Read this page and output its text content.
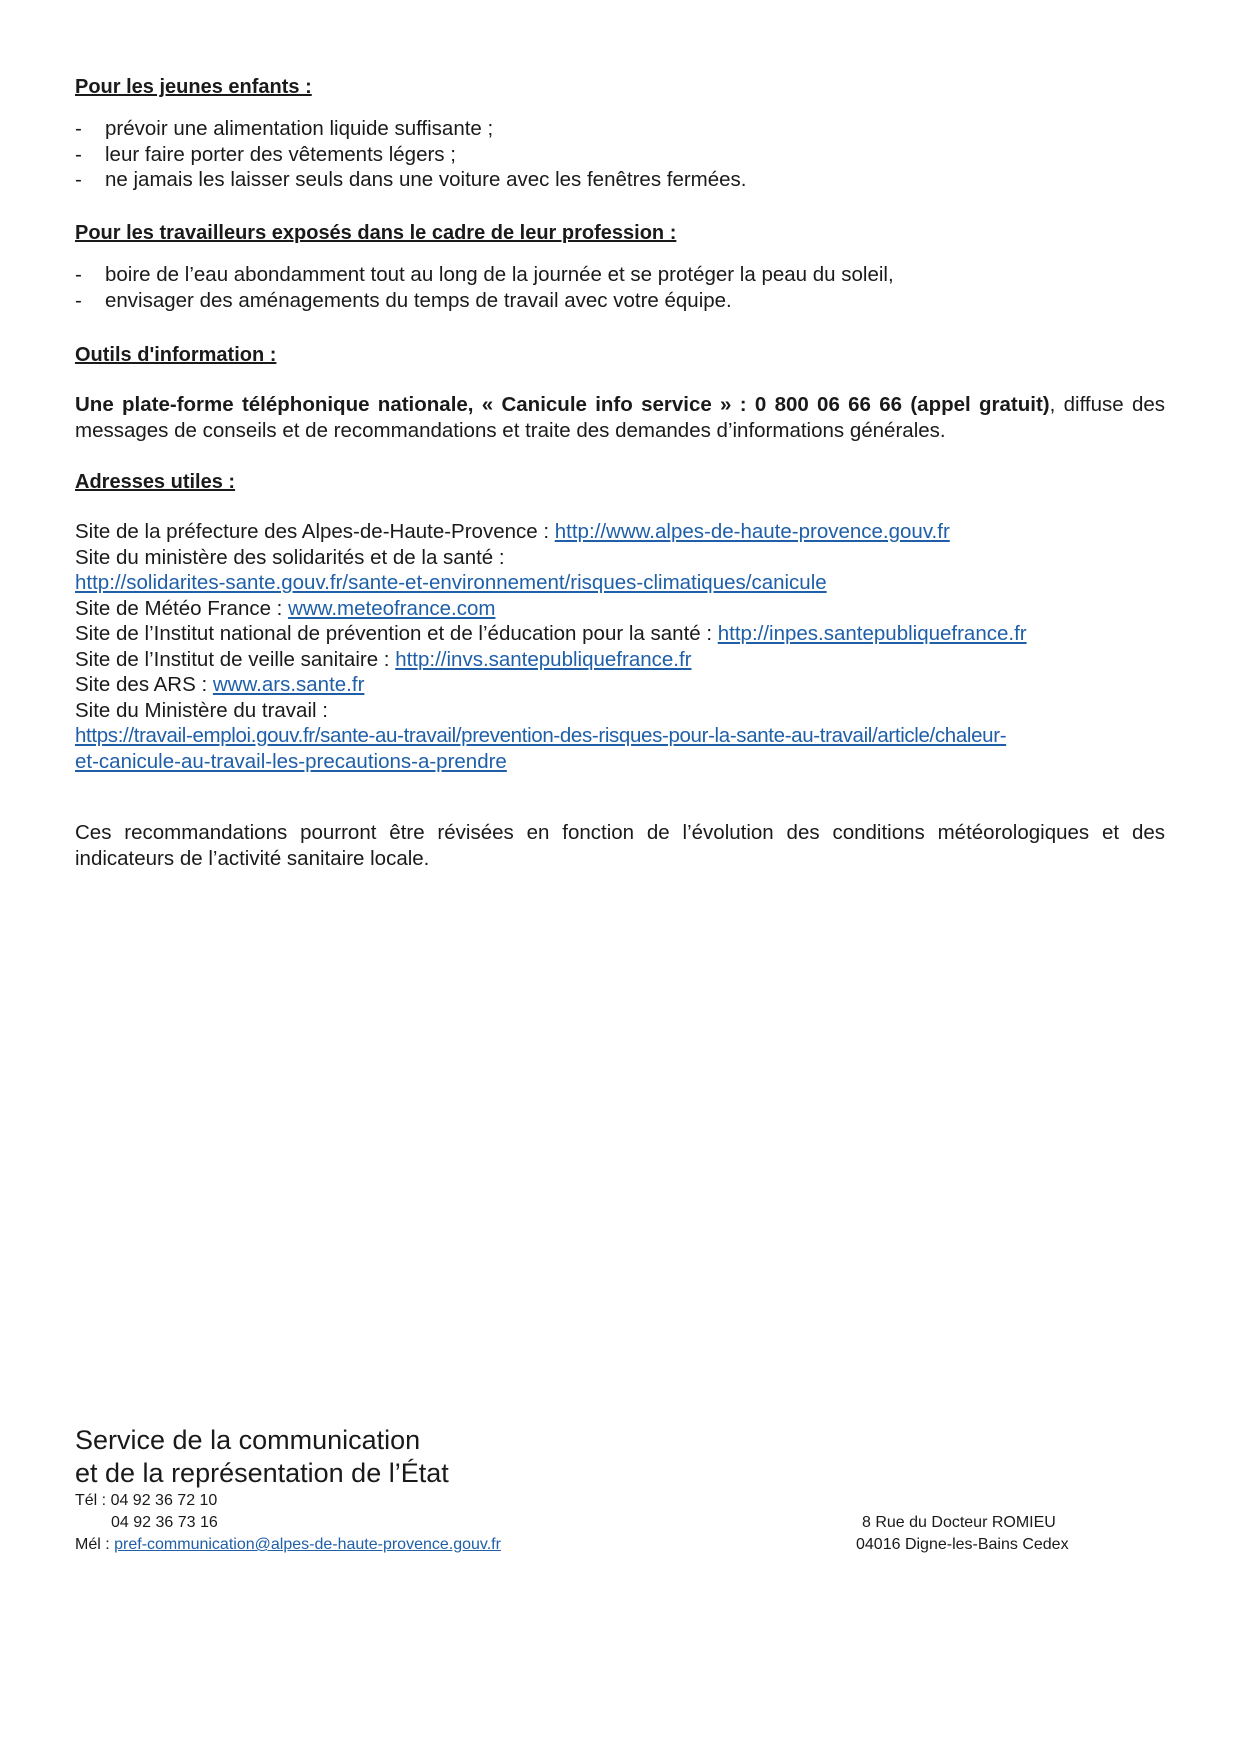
Pour les jeunes enfants :

- prévoir une alimentation liquide suffisante ;
- leur faire porter des vêtements légers ;
- ne jamais les laisser seuls dans une voiture avec les fenêtres fermées.

Pour les travailleurs exposés dans le cadre de leur profession :

- boire de l’eau abondamment tout au long de la journée et se protéger la peau du soleil,
- envisager des aménagements du temps de travail avec votre équipe.

Outils d'information :

Une plate-forme téléphonique nationale, « Canicule info service » : 0 800 06 66 66 (appel gratuit), diffuse des messages de conseils et de recommandations et traite des demandes d’informations générales.

Adresses utiles :

Site de la préfecture des Alpes-de-Haute-Provence : http://www.alpes-de-haute-provence.gouv.fr
Site du ministère des solidarités et de la santé :
http://solidarites-sante.gouv.fr/sante-et-environnement/risques-climatiques/canicule
Site de Météo France : www.meteofrance.com
Site de l’Institut national de prévention et de l’éducation pour la santé : http://inpes.santepubliquefrance.fr
Site de l’Institut de veille sanitaire : http://invs.santepubliquefrance.fr
Site des ARS : www.ars.sante.fr
Site du Ministère du travail :
https://travail-emploi.gouv.fr/sante-au-travail/prevention-des-risques-pour-la-sante-au-travail/article/chaleur-
et-canicule-au-travail-les-precautions-a-prendre

Ces recommandations pourront être révisées en fonction de l’évolution des conditions météorologiques et des indicateurs de l’activité sanitaire locale.

Service de la communication

et de la représentation de l’État

Tél : 04 92 36 72 10
04 92 36 73 16
Mél : pref-communication@alpes-de-haute-provence.gouv.fr
8 Rue du Docteur ROMIEU
04016 Digne-les-Bains Cedex
